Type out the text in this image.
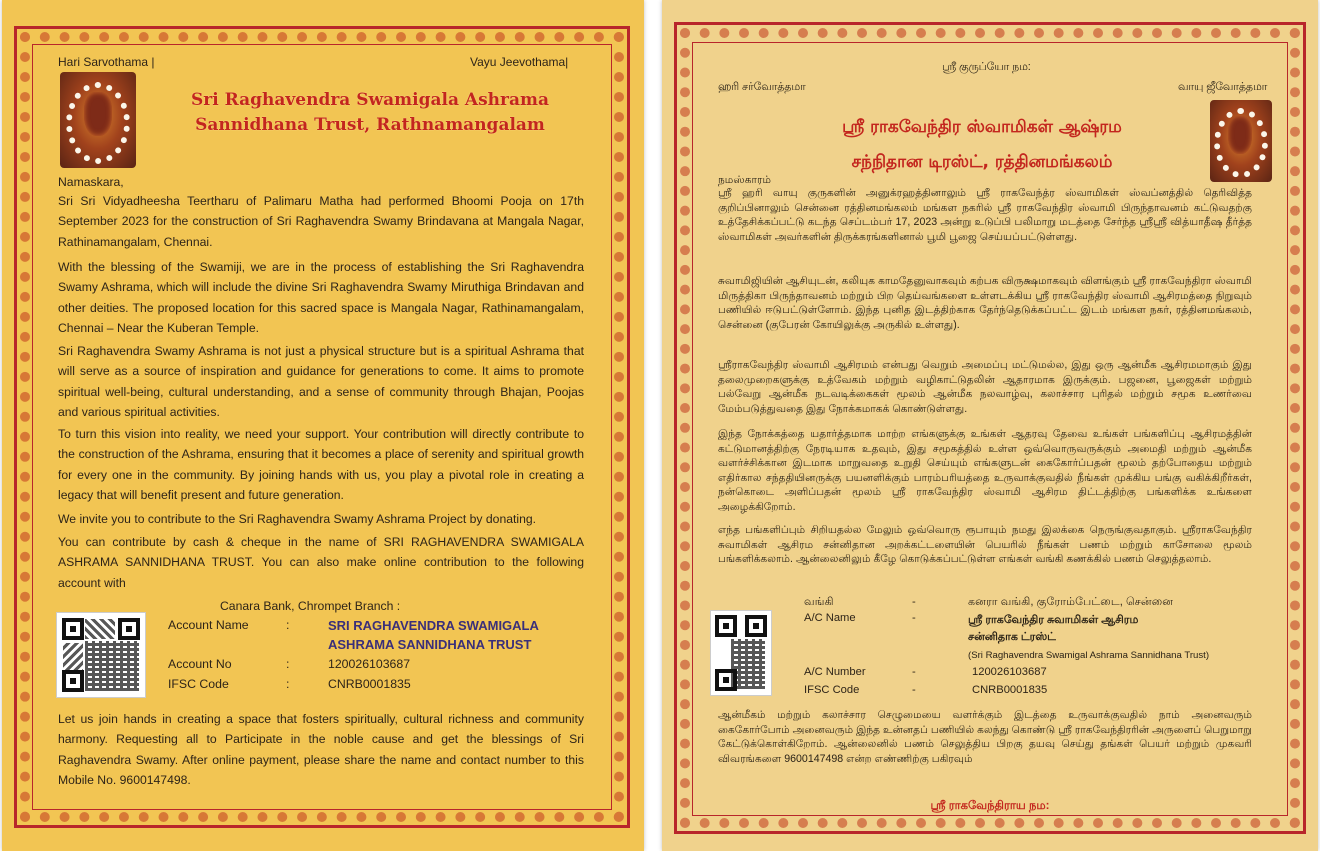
Hari Sarvothama |	Vayu Jeevothama|
Sri Raghavendra Swamigala Ashrama
Sannidhana Trust, Rathnamangalam
Namaskara,
Sri Sri Vidyadheesha Teertharu of Palimaru Matha had performed Bhoomi Pooja on 17th September 2023 for the construction of Sri Raghavendra Swamy Brindavana at Mangala Nagar, Rathinamangalam, Chennai.
With the blessing of the Swamiji, we are in the process of establishing the Sri Raghavendra Swamy Ashrama, which will include the divine Sri Raghavendra Swamy Miruthiga Brindavan and other deities. The proposed location for this sacred space is Mangala Nagar, Rathinamangalam, Chennai – Near the Kuberan Temple.
Sri Raghavendra Swamy Ashrama is not just a physical structure but is a spiritual Ashrama that will serve as a source of inspiration and guidance for generations to come. It aims to promote spiritual well-being, cultural understanding, and a sense of community through Bhajan, Poojas and various spiritual activities.
To turn this vision into reality, we need your support. Your contribution will directly contribute to the construction of the Ashrama, ensuring that it becomes a place of serenity and spiritual growth for every one in the community. By joining hands with us, you play a pivotal role in creating a legacy that will benefit present and future generation.
We invite you to contribute to the Sri Raghavendra Swamy Ashrama Project by donating.
You can contribute by cash & cheque in the name of SRI RAGHAVENDRA SWAMIGALA ASHRAMA SANNIDHANA TRUST. You can also make online contribution to the following account with
Canara Bank, Chrompet Branch :
Account Name	:	SRI RAGHAVENDRA SWAMIGALA
ASHRAMA SANNIDHANA TRUST
Account No	:	120026103687
IFSC Code	:	CNRB0001835
Let us join hands in creating a space that fosters spiritually, cultural richness and community harmony. Requesting all to Participate in the noble cause and get the blessings of Sri Raghavendra Swamy. After online payment, please share the name and contact number to this Mobile No. 9600147498.
ஸ்ரீ குருப்யோ நம:
ஹரி சர்வோத்தமா	வாயு ஜீவோத்தமா
ஸ்ரீ ராகவேந்திர ஸ்வாமிகள் ஆஷ்ரம
சந்நிதான டிரஸ்ட், ரத்தினமங்கலம்
நமஸ்காரம்
ஸ்ரீ ஹரி வாயு குருகளின் அனுக்ரஹத்தினாலும் ஸ்ரீ ராகவேந்த்ர ஸ்வாமிகள் ஸ்வப்னத்தில் தெரிவித்த குறிப்பினாலும் சென்னை ரத்தினமங்கலம் மங்கள நகரில் ஸ்ரீ ராகவேந்திர ஸ்வாமி பிருந்தாவனம் கட்டுவதற்கு உத்தேசிக்கப்பட்டு கடந்த செப்டம்பர் 17, 2023 அன்று உடுப்பி பலிமாறு மடத்தை சேர்ந்த ஸ்ரீஸ்ரீ வித்யாதீஷ தீர்த்த ஸ்வாமிகள் அவர்களின் திருக்கரங்களினால் பூமி பூஜை செய்யப்பட்டுள்ளது.
சுவாமிஜியின் ஆசியுடன், கலியுக காமதேனுவாகவும் கற்பக விருக்ஷமாகவும் விளங்கும் ஸ்ரீ ராகவேந்திரா ஸ்வாமி மிருத்திகா பிருந்தாவனம் மற்றும் பிற தெய்வங்களை உள்ளடக்கிய ஸ்ரீ ராகவேந்திர ஸ்வாமி ஆசிரமத்தை நிறுவும் பணியில் ஈடுபட்டுள்ளோம். இந்த புனித இடத்திற்காக தேர்ந்தெடுக்கப்பட்ட இடம் மங்கள நகர், ரத்தினமங்கலம், சென்னை (குபேரன் கோயிலுக்கு அருகில் உள்ளது).
ஸ்ரீராகவேந்திர ஸ்வாமி ஆசிரமம் என்பது வெறும் அமைப்பு மட்டுமல்ல, இது ஒரு ஆன்மீக ஆசிரமமாகும் இது தலைமுறைகளுக்கு உத்வேகம் மற்றும் வழிகாட்டுதலின் ஆதாரமாக இருக்கும். பஜனை, பூஜைகள் மற்றும் பல்வேறு ஆன்மீக நடவடிக்கைகள் மூலம் ஆன்மீக நலவாழ்வு, கலாச்சார புரிதல் மற்றும் சமூக உணர்வை மேம்படுத்துவதை இது நோக்கமாகக் கொண்டுள்ளது.
இந்த நோக்கத்தை யதார்த்தமாக மாற்ற எங்களுக்கு உங்கள் ஆதரவு தேவை உங்கள் பங்களிப்பு ஆசிரமத்தின் கட்டுமானத்திற்கு நேரடியாக உதவும், இது சமூகத்தில் உள்ள ஒவ்வொருவருக்கும் அமைதி மற்றும் ஆன்மீக வளர்ச்சிக்கான இடமாக மாறுவதை உறுதி செய்யும் எங்களுடன் கைகோர்ப்பதன் மூலம் தற்போதைய மற்றும் எதிர்கால சந்ததியினருக்கு பயனளிக்கும் பாரம்பரியத்தை உருவாக்குவதில் நீங்கள் முக்கிய பங்கு வகிக்கிறீர்கள், நன்கொடை அளிப்பதன் மூலம் ஸ்ரீ ராகவேந்திர ஸ்வாமி ஆசிரம திட்டத்திற்கு பங்களிக்க உங்களை அழைக்கிறோம்.
எந்த பங்களிப்பும் சிறியதல்ல மேலும் ஒவ்வொரு ரூபாயும் நமது இலக்கை நெருங்குவதாகும். ஸ்ரீராகவேந்திர சுவாமிகள் ஆசிரம சன்னிதான அறக்கட்டளையின் பெயரில் நீங்கள் பணம் மற்றும் காசோலை மூலம் பங்களிக்கலாம். ஆன்லைனிலும் கீழே கொடுக்கப்பட்டுள்ள எங்கள் வங்கி கணக்கில் பணம் செலுத்தலாம்.
வங்கி	-	கனரா வங்கி, குரோம்பேட்டை, சென்னை
A/C Name	-	ஸ்ரீ ராகவேந்திர சுவாமிகள் ஆசிரம
சன்னிதாக ட்ரஸ்ட்
(Sri Raghavendra Swamigal Ashrama Sannidhana Trust)
A/C Number	-	120026103687
IFSC Code	-	CNRB0001835
ஆன்மீகம் மற்றும் கலாச்சார செழுமையை வளர்க்கும் இடத்தை உருவாக்குவதில் நாம் அனைவரும் கைகோர்போம் அனைவரும் இந்த உன்னதப் பணியில் கலந்து கொண்டு ஸ்ரீ ராகவேந்திரரின் அருளைப் பெறுமாறு கேட்டுக்கொள்கிறோம். ஆன்லைனில் பணம் செலுத்திய பிறகு தயவு செய்து தங்கள் பெயர் மற்றும் முகவரி விவரங்களை 9600147498 என்ற எண்ணிற்கு பகிரவும்
ஸ்ரீ ராகவேந்திராய நம:
